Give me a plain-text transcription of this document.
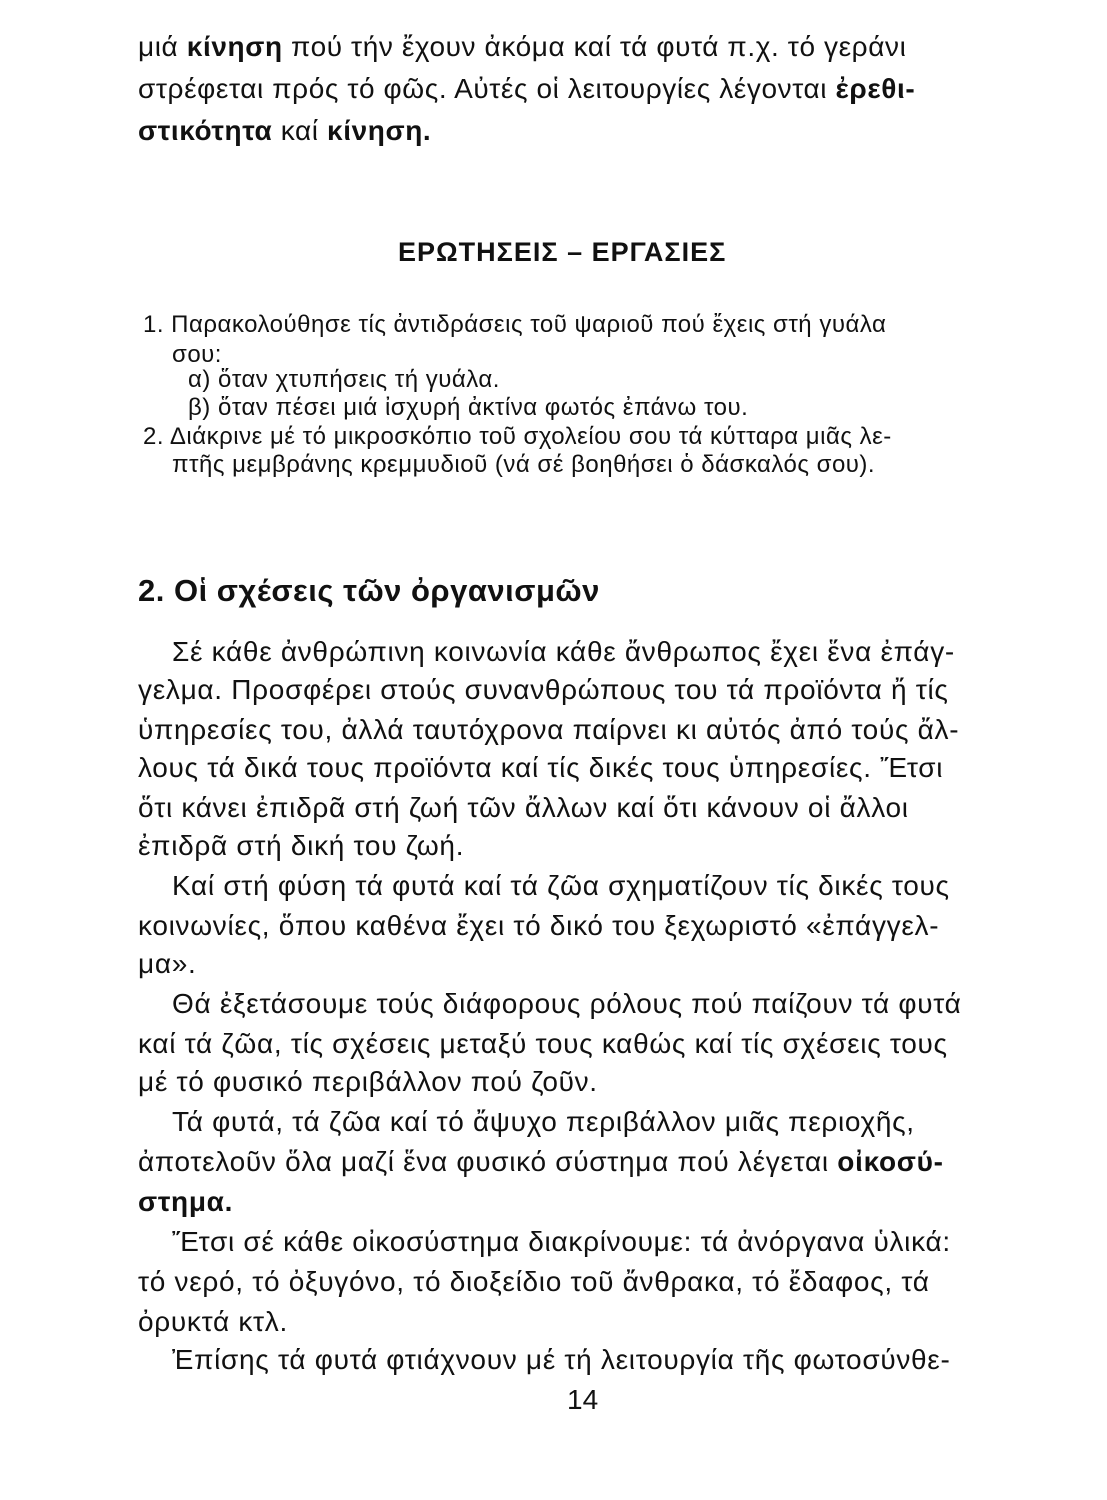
μιά κίνηση πού τήν ἔχουν ἀκόμα καί τά φυτά π.χ. τό γεράνι
στρέφεται πρός τό φῶς. Αὐτές οἱ λειτουργίες λέγονται ἐρεθι-
στικότητα καί κίνηση.
ΕΡΩΤΗΣΕΙΣ – ΕΡΓΑΣΙΕΣ
1. Παρακολούθησε τίς ἀντιδράσεις τοῦ ψαριοῦ πού ἔχεις στή γυάλα
σου:
α) ὅταν χτυπήσεις τή γυάλα.
β) ὅταν πέσει μιά ἰσχυρή ἀκτίνα φωτός ἐπάνω του.
2. Διάκρινε μέ τό μικροσκόπιο τοῦ σχολείου σου τά κύτταρα μιᾶς λε-
πτῆς μεμβράνης κρεμμυδιοῦ (νά σέ βοηθήσει ὁ δάσκαλός σου).
2. Οἱ σχέσεις τῶν ὀργανισμῶν
Σέ κάθε ἀνθρώπινη κοινωνία κάθε ἄνθρωπος ἔχει ἕνα ἐπάγ-
γελμα. Προσφέρει στούς συνανθρώπους του τά προϊόντα ἤ τίς
ὑπηρεσίες του, ἀλλά ταυτόχρονα παίρνει κι αὐτός ἀπό τούς ἄλ-
λους τά δικά τους προϊόντα καί τίς δικές τους ὑπηρεσίες. Ἔτσι
ὅτι κάνει ἐπιδρᾶ στή ζωή τῶν ἄλλων καί ὅτι κάνουν οἱ ἄλλοι
ἐπιδρᾶ στή δική του ζωή.
Καί στή φύση τά φυτά καί τά ζῶα σχηματίζουν τίς δικές τους
κοινωνίες, ὅπου καθένα ἔχει τό δικό του ξεχωριστό «ἐπάγγελ-
μα».
Θά ἐξετάσουμε τούς διάφορους ρόλους πού παίζουν τά φυτά
καί τά ζῶα, τίς σχέσεις μεταξύ τους καθώς καί τίς σχέσεις τους
μέ τό φυσικό περιβάλλον πού ζοῦν.
Τά φυτά, τά ζῶα καί τό ἄψυχο περιβάλλον μιᾶς περιοχῆς,
ἀποτελοῦν ὅλα μαζί ἕνα φυσικό σύστημα πού λέγεται οἰκοσύ-
στημα.
Ἔτσι σέ κάθε οἰκοσύστημα διακρίνουμε: τά ἀνόργανα ὑλικά:
τό νερό, τό ὀξυγόνο, τό διοξείδιο τοῦ ἄνθρακα, τό ἔδαφος, τά
ὀρυκτά κτλ.
14
Ἐπίσης τά φυτά φτιάχνουν μέ τή λειτουργία τῆς φωτοσύνθε-
